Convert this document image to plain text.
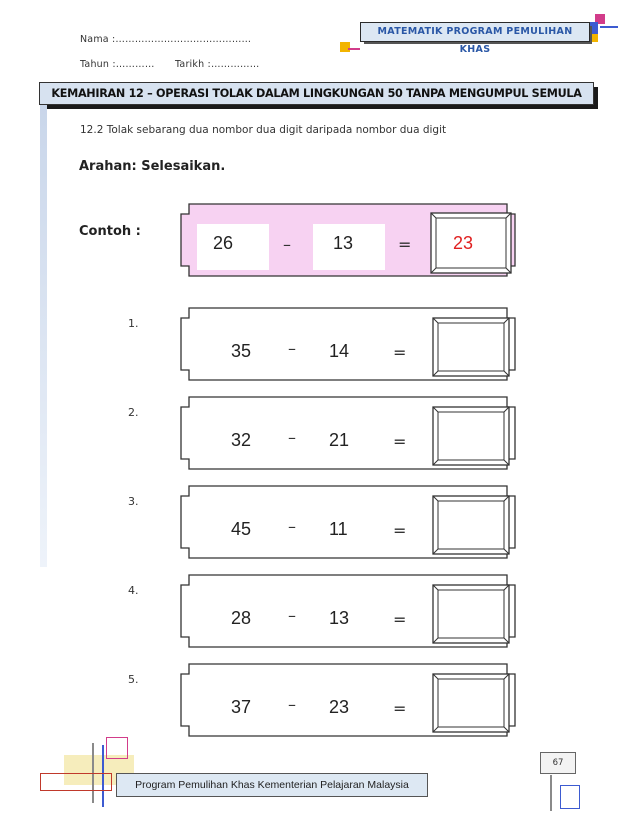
Nama :……………………………………
Tahun :………… Tarikh :……………
MATEMATIK PROGRAM PEMULIHAN KHAS
KEMAHIRAN 12 – OPERASI TOLAK DALAM LINGKUNGAN 50 TANPA MENGUMPUL SEMULA
12.2 Tolak sebarang dua nombor dua digit daripada nombor dua digit
Arahan: Selesaikan.
Contoh :
26	– 13	= 23
1.
35 – 14	=
2.
32 – 21	=
3.
45 – 11	=
4.
28 – 13	=
5.
37 – 23	=
Program Pemulihan Khas Kementerian Pelajaran Malaysia
67
